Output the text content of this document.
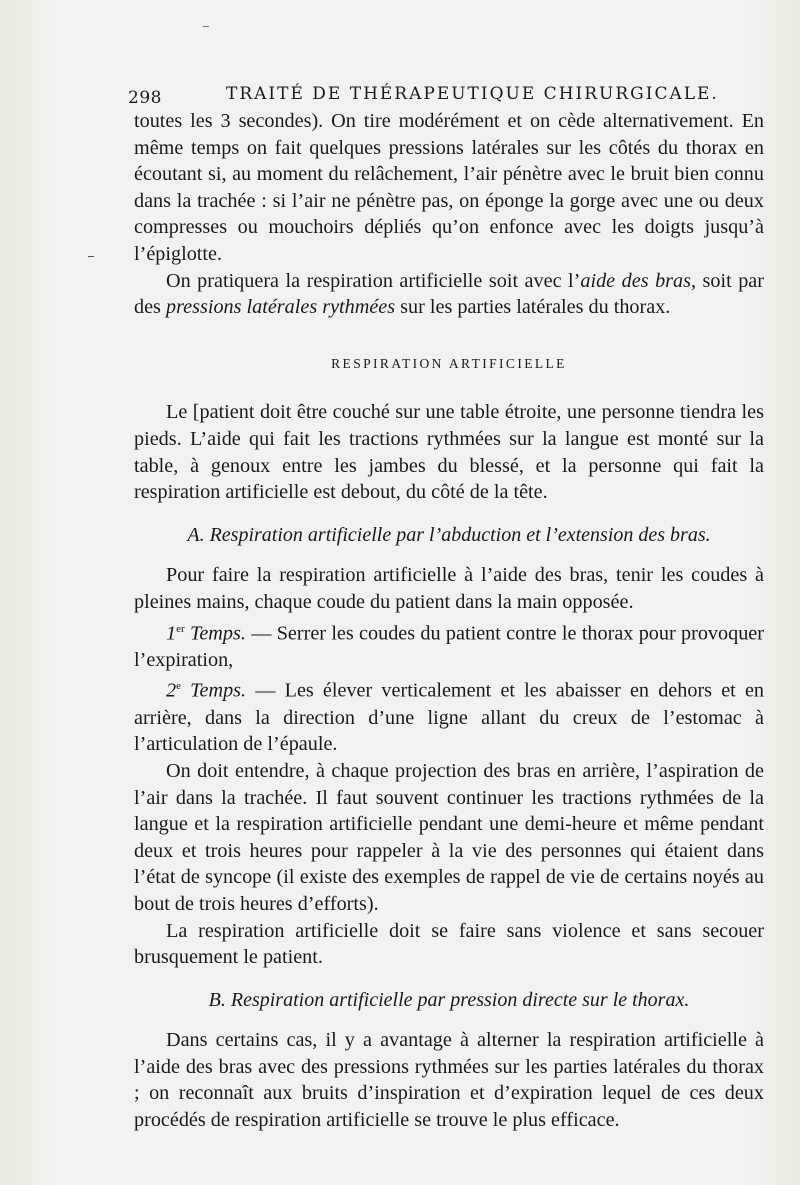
298	TRAITÉ DE THÉRAPEUTIQUE CHIRURGICALE.

toutes les 3 secondes). On tire modérément et on cède alternativement. En même temps on fait quelques pressions latérales sur les côtés du thorax en écoutant si, au moment du relâchement, l’air pénètre avec le bruit bien connu dans la trachée : si l’air ne pénètre pas, on éponge la gorge avec une ou deux compresses ou mouchoirs dépliés qu’on enfonce avec les doigts jusqu’à l’épiglotte.

On pratiquera la respiration artificielle soit avec l’aide des bras, soit par des pressions latérales rythmées sur les parties latérales du thorax.

RESPIRATION ARTIFICIELLE

Le [patient doit être couché sur une table étroite, une personne tiendra les pieds. L’aide qui fait les tractions rythmées sur la langue est monté sur la table, à genoux entre les jambes du blessé, et la personne qui fait la respiration artificielle est debout, du côté de la tête.

A. Respiration artificielle par l’abduction et l’extension des bras.

Pour faire la respiration artificielle à l’aide des bras, tenir les coudes à pleines mains, chaque coude du patient dans la main opposée.

1er Temps. — Serrer les coudes du patient contre le thorax pour provoquer l’expiration,

2e Temps. — Les élever verticalement et les abaisser en dehors et en arrière, dans la direction d’une ligne allant du creux de l’estomac à l’articulation de l’épaule.

On doit entendre, à chaque projection des bras en arrière, l’aspiration de l’air dans la trachée. Il faut souvent continuer les tractions rythmées de la langue et la respiration artificielle pendant une demi-heure et même pendant deux et trois heures pour rappeler à la vie des personnes qui étaient dans l’état de syncope (il existe des exemples de rappel de vie de certains noyés au bout de trois heures d’efforts).

La respiration artificielle doit se faire sans violence et sans secouer brusquement le patient.

B. Respiration artificielle par pression directe sur le thorax.

Dans certains cas, il y a avantage à alterner la respiration artificielle à l’aide des bras avec des pressions rythmées sur les parties latérales du thorax ; on reconnaît aux bruits d’inspiration et d’expiration lequel de ces deux procédés de respiration artificielle se trouve le plus efficace.
